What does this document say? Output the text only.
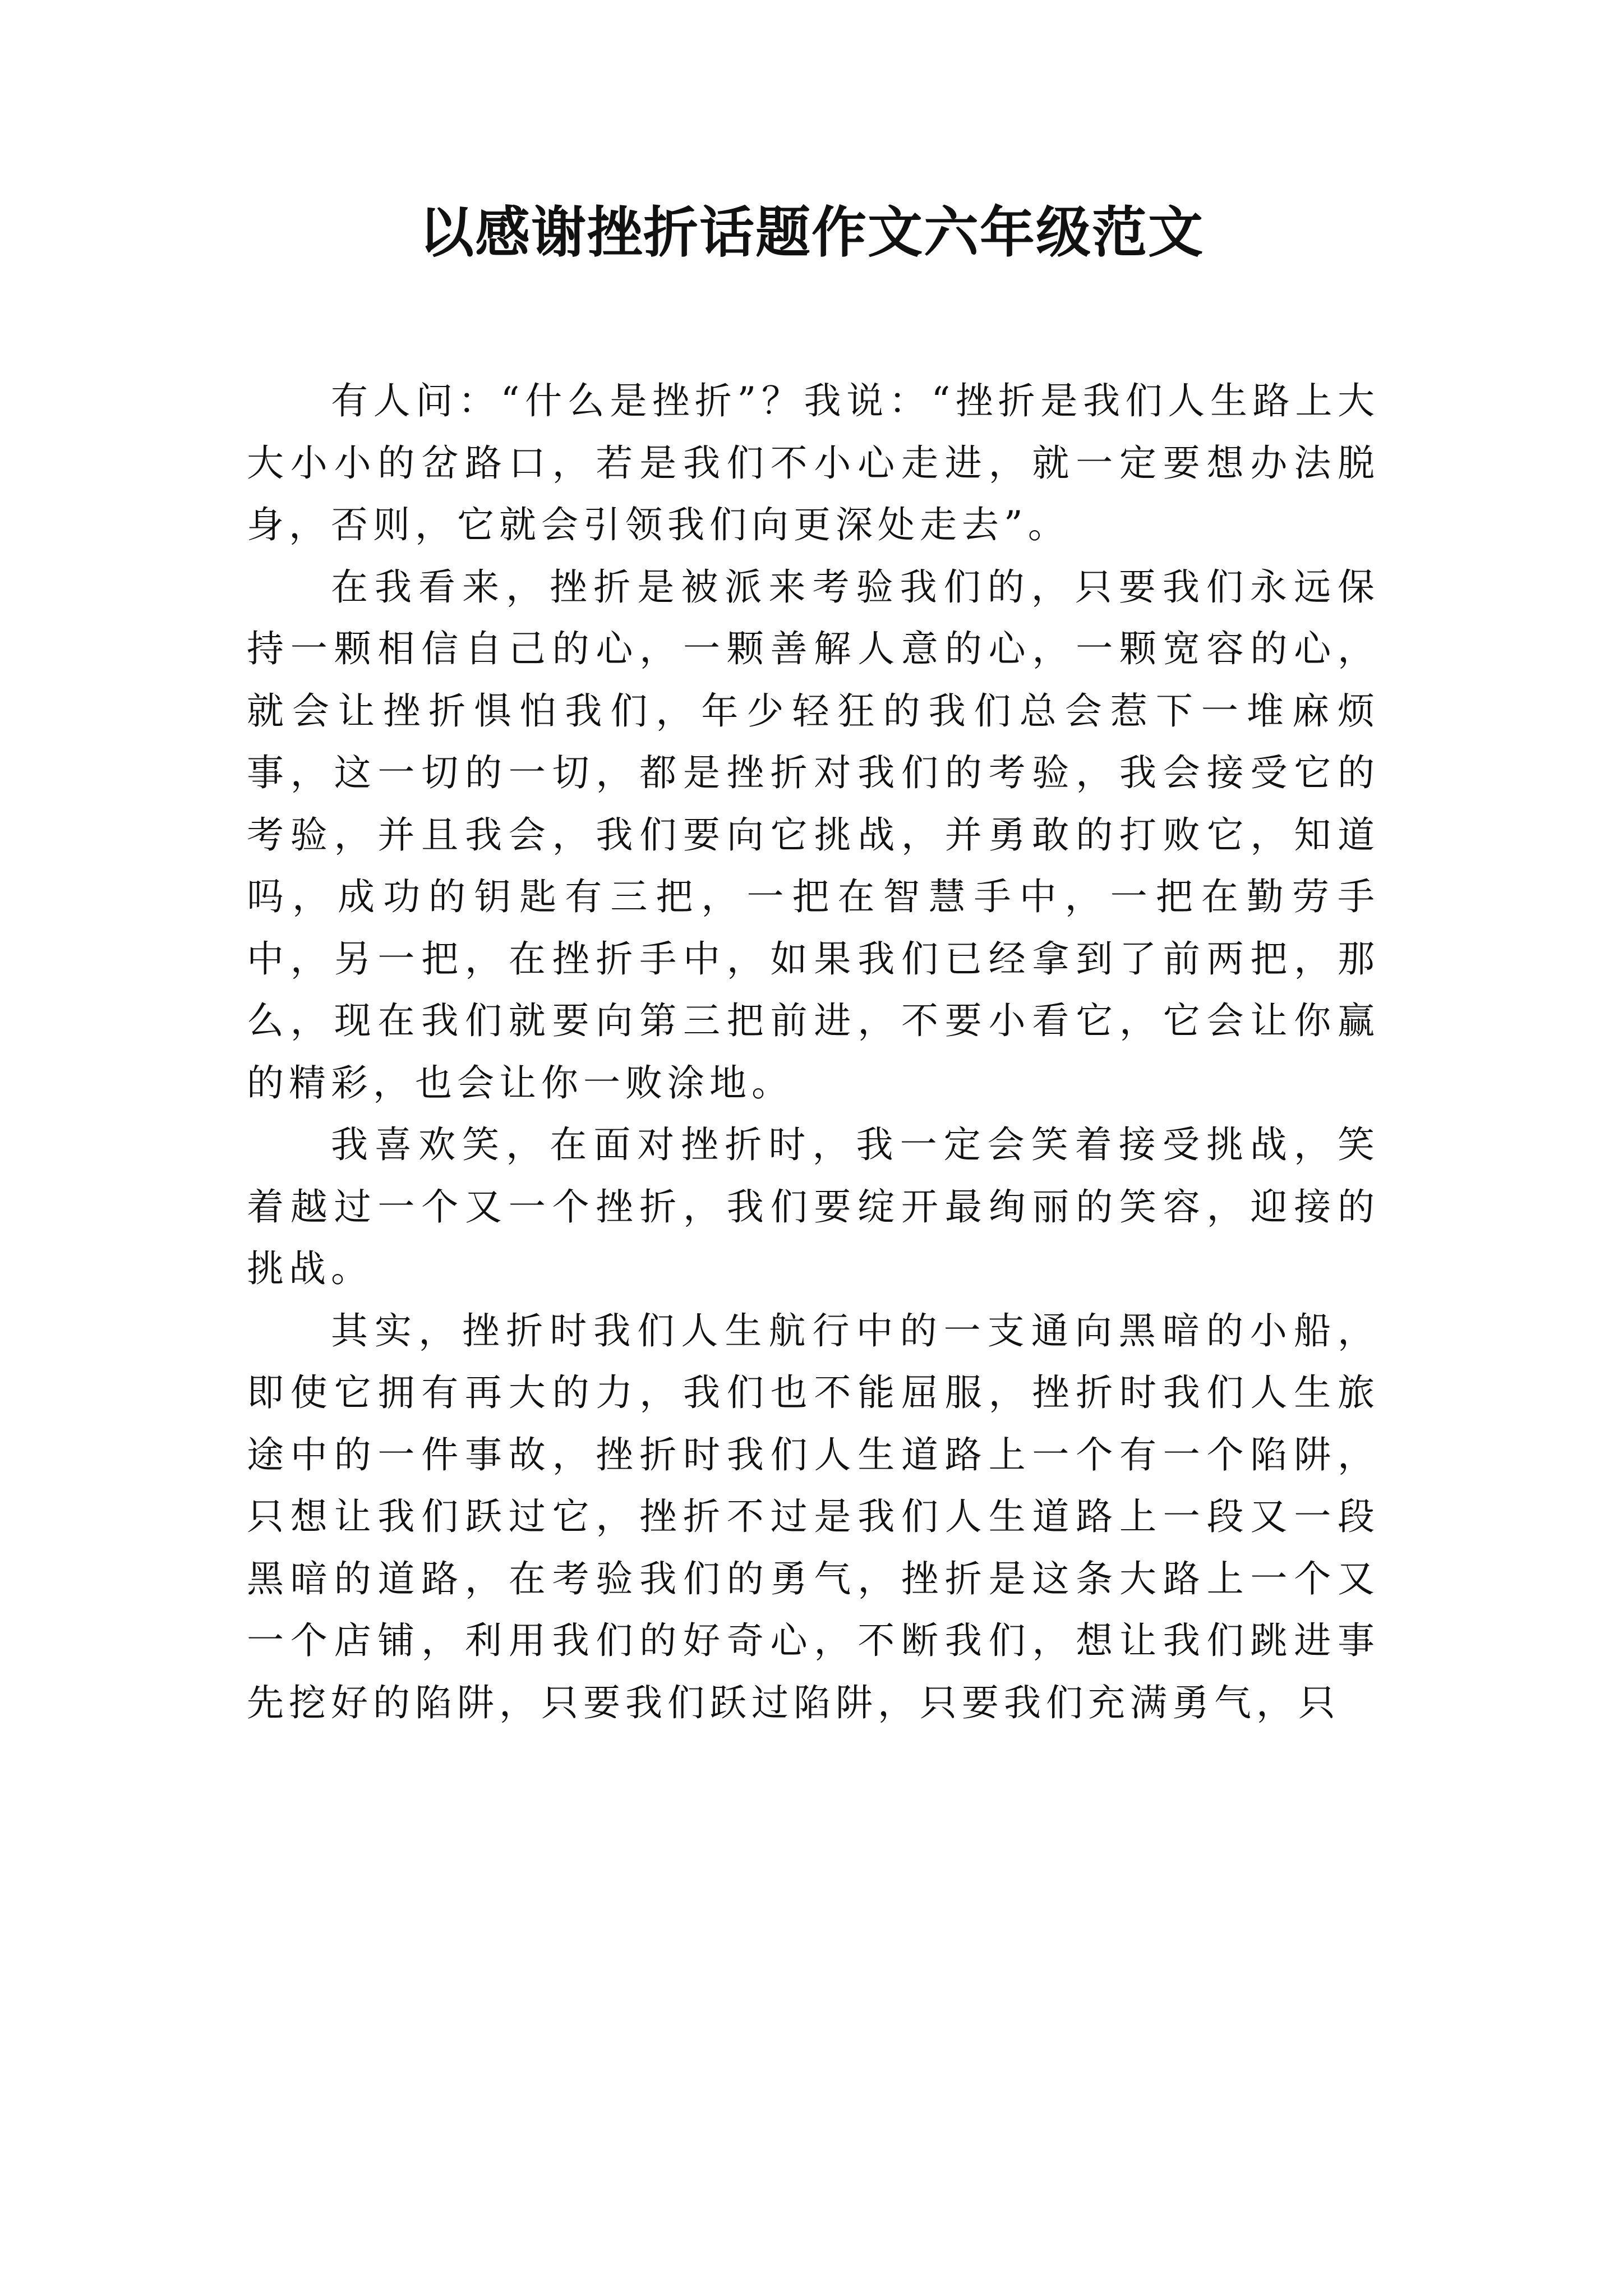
以感谢挫折话题作文六年级范文

有人问：“什么是挫折”？我说：“挫折是我们人生路上大大小小的岔路口，若是我们不小心走进，就一定要想办法脱身，否则，它就会引领我们向更深处走去”。

在我看来，挫折是被派来考验我们的，只要我们永远保持一颗相信自己的心，一颗善解人意的心，一颗宽容的心，就会让挫折惧怕我们，年少轻狂的我们总会惹下一堆麻烦事，这一切的一切，都是挫折对我们的考验，我会接受它的考验，并且我会，我们要向它挑战，并勇敢的打败它，知道吗，成功的钥匙有三把，一把在智慧手中，一把在勤劳手中，另一把，在挫折手中，如果我们已经拿到了前两把，那么，现在我们就要向第三把前进，不要小看它，它会让你赢的精彩，也会让你一败涂地。

我喜欢笑，在面对挫折时，我一定会笑着接受挑战，笑着越过一个又一个挫折，我们要绽开最绚丽的笑容，迎接的挑战。

其实，挫折时我们人生航行中的一支通向黑暗的小船，即使它拥有再大的力，我们也不能屈服，挫折时我们人生旅途中的一件事故，挫折时我们人生道路上一个有一个陷阱，只想让我们跃过它，挫折不过是我们人生道路上一段又一段黑暗的道路，在考验我们的勇气，挫折是这条大路上一个又一个店铺，利用我们的好奇心，不断我们，想让我们跳进事先挖好的陷阱，只要我们跃过陷阱，只要我们充满勇气，只
